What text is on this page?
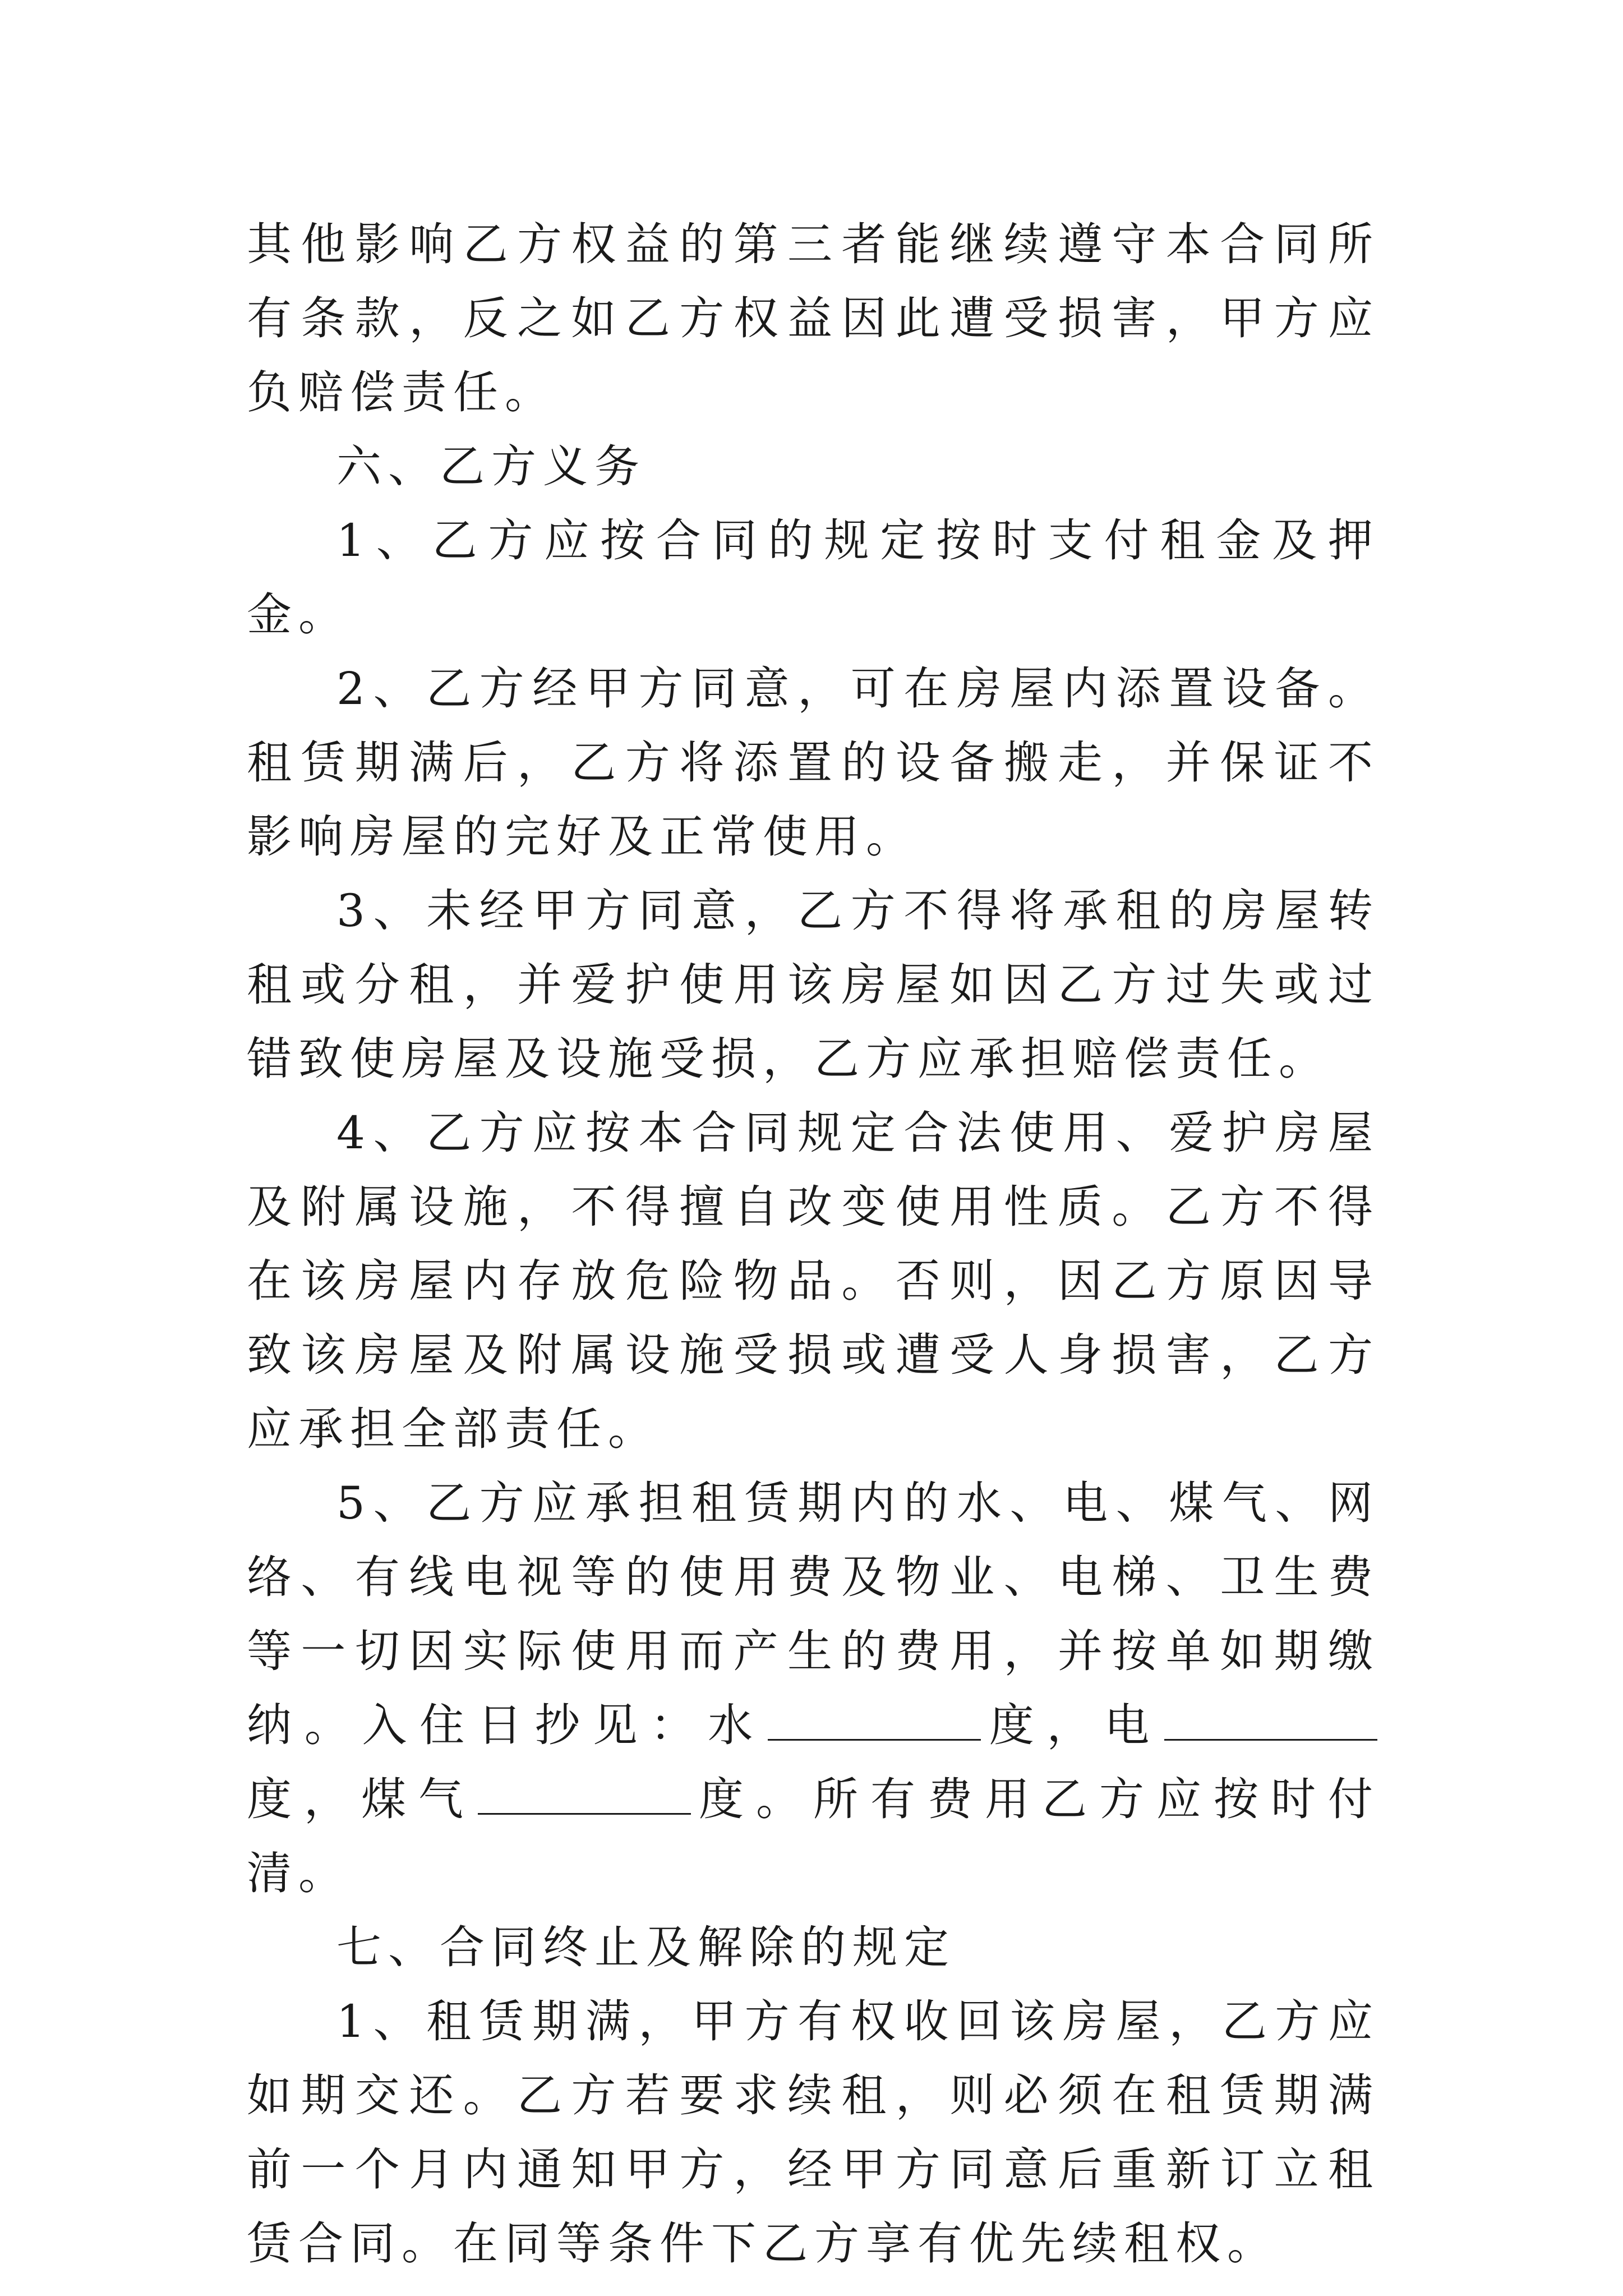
其他影响乙方权益的第三者能继续遵守本合同所有条款，反之如乙方权益因此遭受损害，甲方应负赔偿责任。

六、乙方义务

1、乙方应按合同的规定按时支付租金及押金。

2、乙方经甲方同意，可在房屋内添置设备。租赁期满后，乙方将添置的设备搬走，并保证不影响房屋的完好及正常使用。

3、未经甲方同意，乙方不得将承租的房屋转租或分租，并爱护使用该房屋如因乙方过失或过错致使房屋及设施受损，乙方应承担赔偿责任。

4、乙方应按本合同规定合法使用、爱护房屋及附属设施，不得擅自改变使用性质。乙方不得在该房屋内存放危险物品。否则，因乙方原因导致该房屋及附属设施受损或遭受人身损害，乙方应承担全部责任。

5、乙方应承担租赁期内的水、电、煤气、网络、有线电视等的使用费及物业、电梯、卫生费等一切因实际使用而产生的费用，并按单如期缴纳。入住日抄见：水	度，电度，煤气	度。所有费用乙方应按时付清。

七、合同终止及解除的规定

1、租赁期满，甲方有权收回该房屋，乙方应如期交还。乙方若要求续租，则必须在租赁期满前一个月内通知甲方，经甲方同意后重新订立租赁合同。在同等条件下乙方享有优先续租权。
